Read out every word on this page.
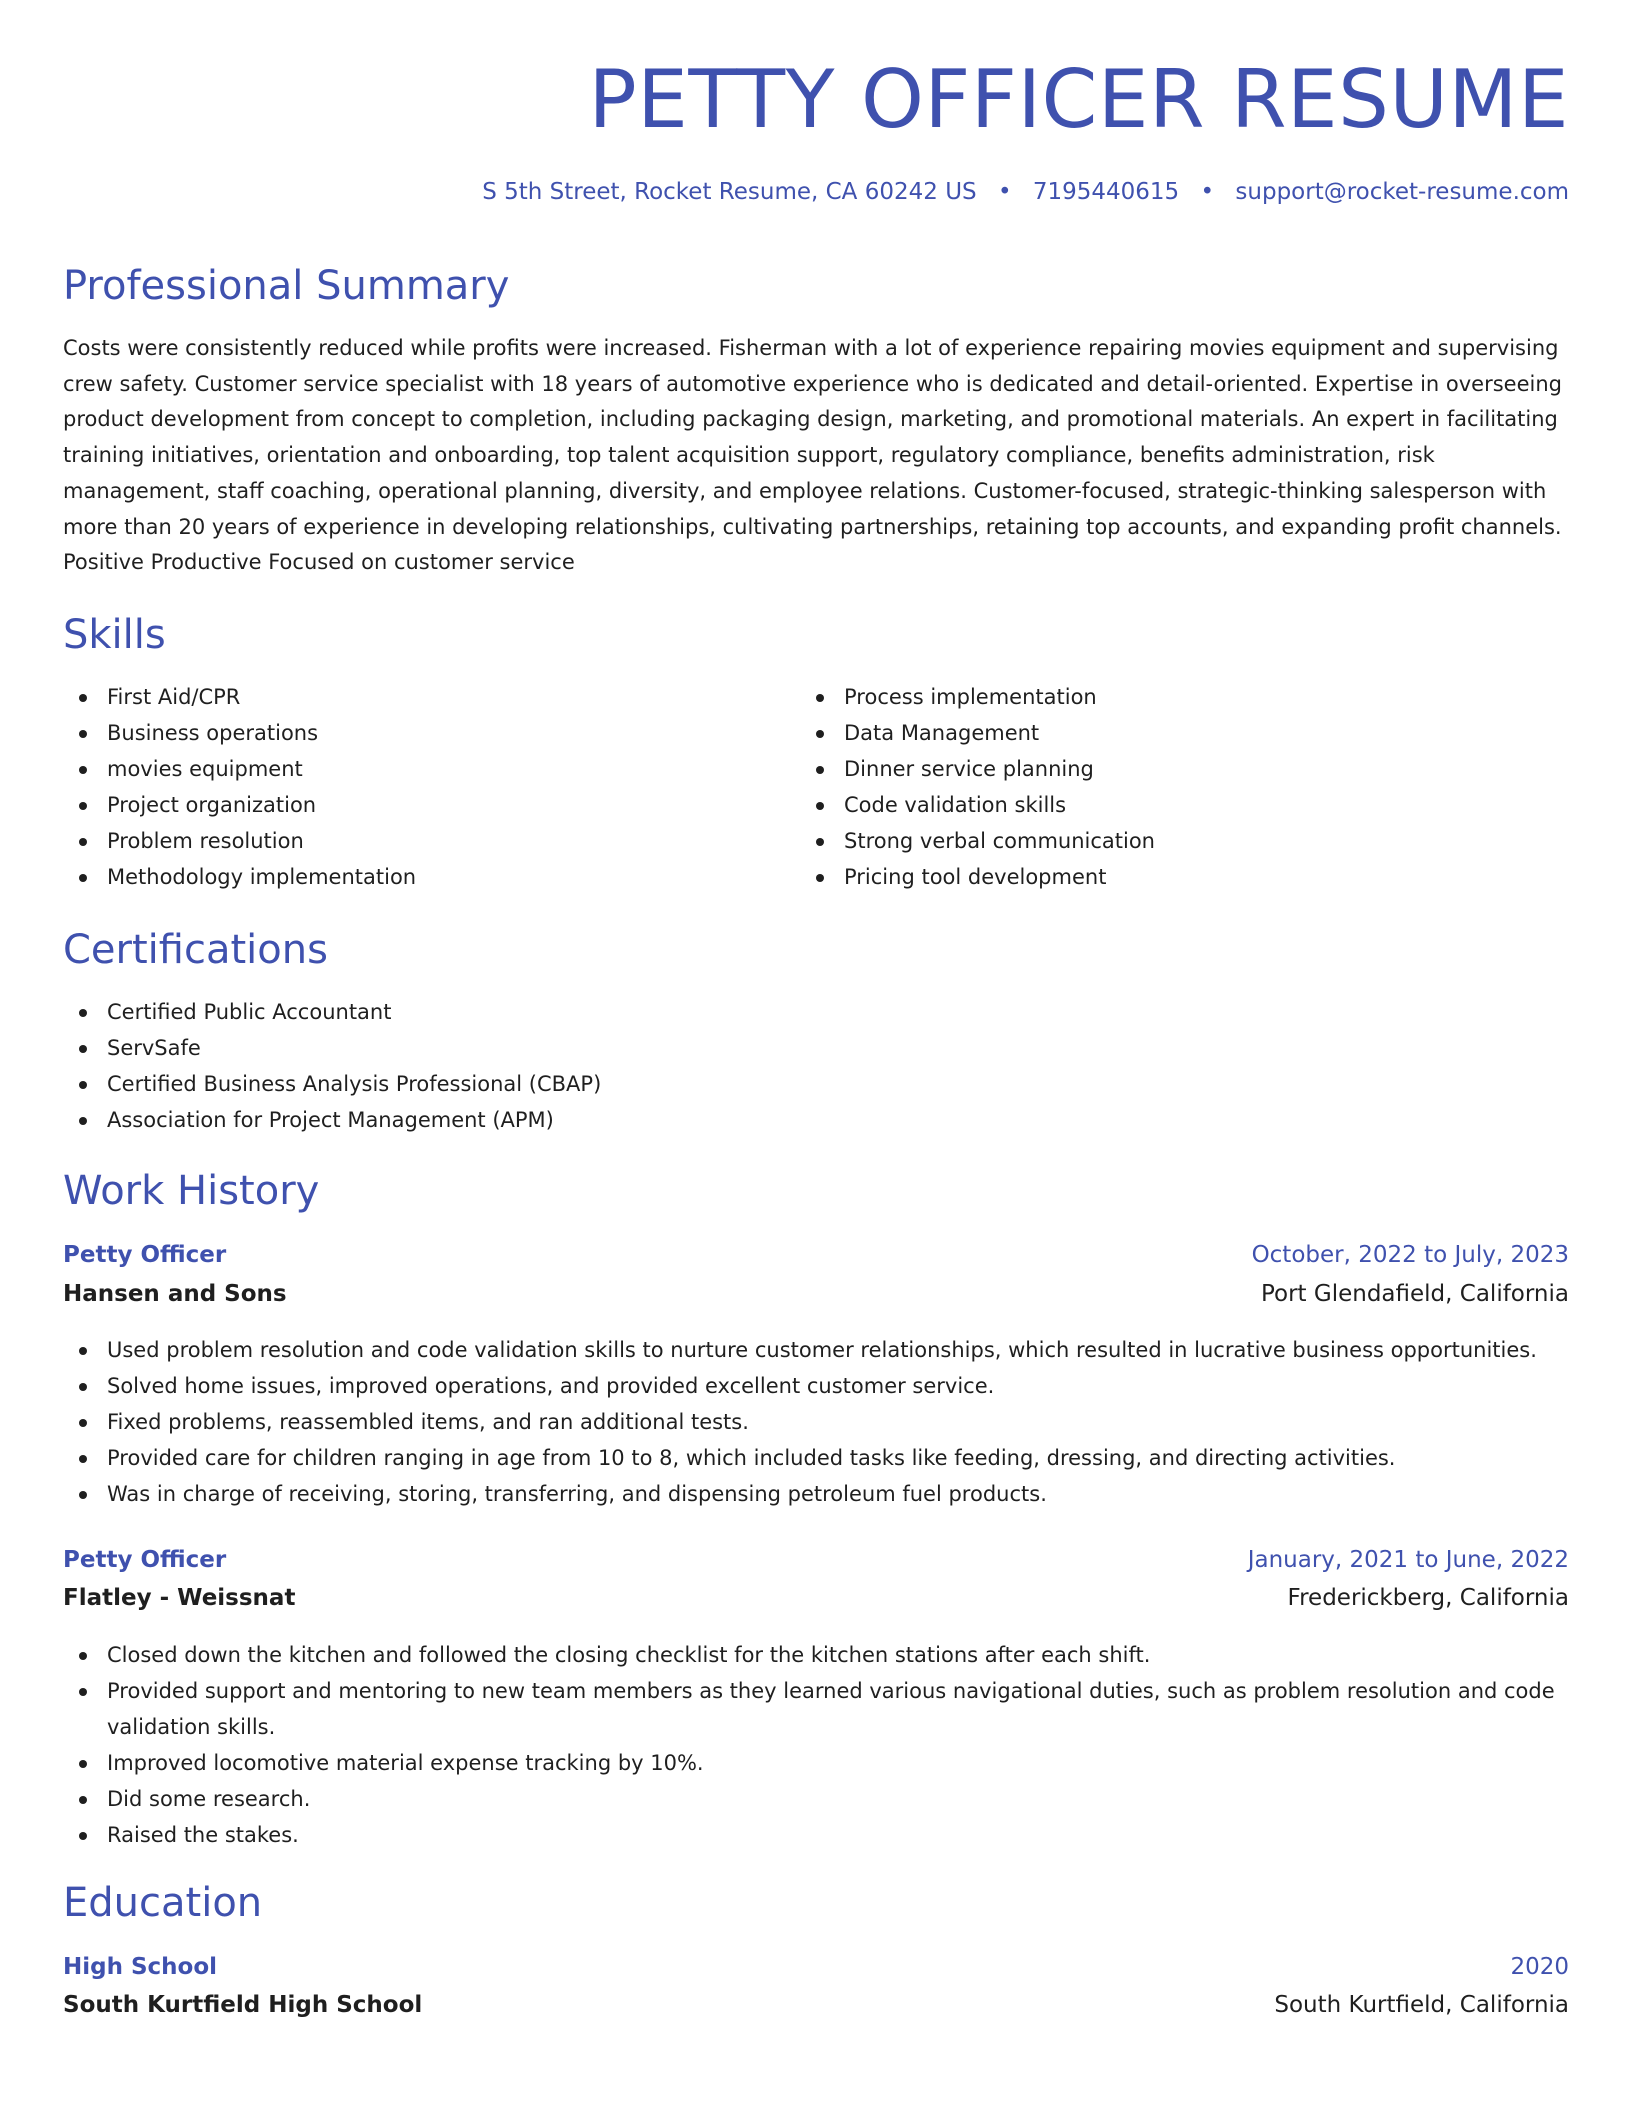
PETTY OFFICER RESUME
S 5th Street, Rocket Resume, CA 60242 US • 7195440615 • support@rocket-resume.com
Professional Summary

Costs were consistently reduced while profits were increased. Fisherman with a lot of experience repairing movies equipment and supervising crew safety. Customer service specialist with 18 years of automotive experience who is dedicated and detail-oriented. Expertise in overseeing product development from concept to completion, including packaging design, marketing, and promotional materials. An expert in facilitating training initiatives, orientation and onboarding, top talent acquisition support, regulatory compliance, benefits administration, risk management, staff coaching, operational planning, diversity, and employee relations. Customer-focused, strategic-thinking salesperson with more than 20 years of experience in developing relationships, cultivating partnerships, retaining top accounts, and expanding profit channels. Positive Productive Focused on customer service

Skills
First Aid/CPR
Business operations
movies equipment
Project organization
Problem resolution
Methodology implementation
Process implementation
Data Management
Dinner service planning
Code validation skills
Strong verbal communication
Pricing tool development
Certifications
Certified Public Accountant
ServSafe
Certified Business Analysis Professional (CBAP)
Association for Project Management (APM)
Work History
Petty Officer	October, 2022 to July, 2023
Hansen and Sons	Port Glendafield, California
Used problem resolution and code validation skills to nurture customer relationships, which resulted in lucrative business opportunities.
Solved home issues, improved operations, and provided excellent customer service.
Fixed problems, reassembled items, and ran additional tests.
Provided care for children ranging in age from 10 to 8, which included tasks like feeding, dressing, and directing activities.
Was in charge of receiving, storing, transferring, and dispensing petroleum fuel products.
Petty Officer	January, 2021 to June, 2022
Flatley - Weissnat	Frederickberg, California
Closed down the kitchen and followed the closing checklist for the kitchen stations after each shift.
Provided support and mentoring to new team members as they learned various navigational duties, such as problem resolution and code validation skills.
Improved locomotive material expense tracking by 10%.
Did some research.
Raised the stakes.
Education
High School	2020
South Kurtfield High School	South Kurtfield, California
